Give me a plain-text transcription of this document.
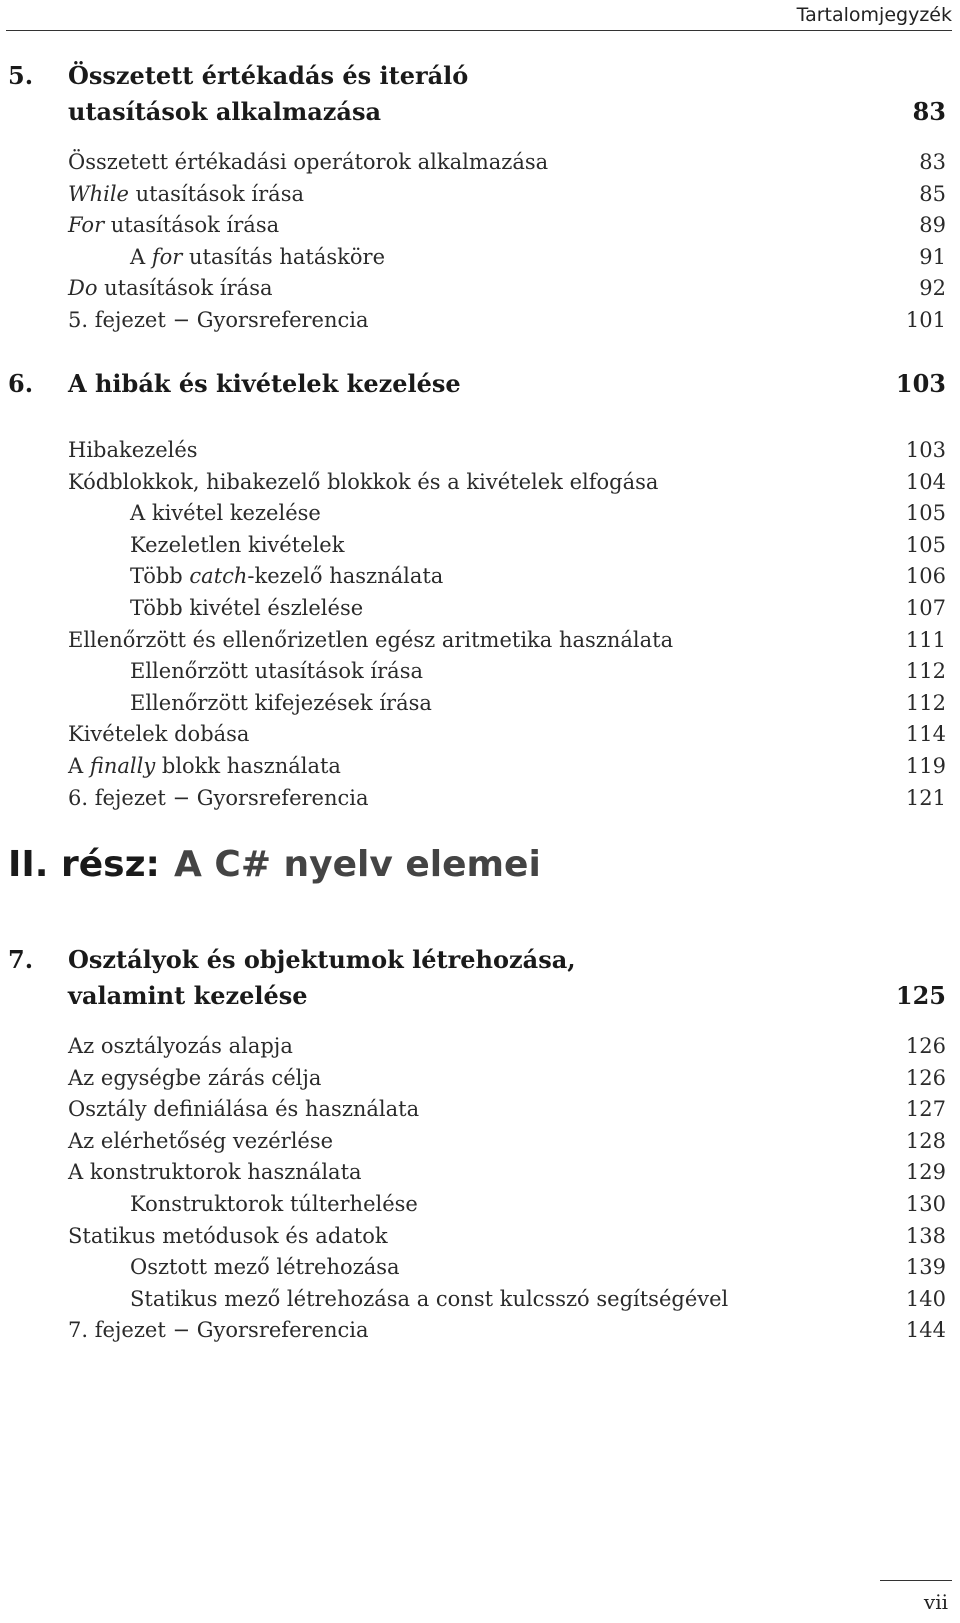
Tartalomjegyzék
5. Összetett értékadás és iteráló
utasítások alkalmazása	83
Összetett értékadási operátorok alkalmazása	83
While utasítások írása	85
For utasítások írása	89
A for utasítás hatásköre	91
Do utasítások írása	92
5. fejezet − Gyorsreferencia	101
6. A hibák és kivételek kezelése	103
Hibakezelés	103
Kódblokkok, hibakezelő blokkok és a kivételek elfogása	104
A kivétel kezelése	105
Kezeletlen kivételek	105
Több catch-kezelő használata	106
Több kivétel észlelése	107
Ellenőrzött és ellenőrizetlen egész aritmetika használata	111
Ellenőrzött utasítások írása	112
Ellenőrzött kifejezések írása	112
Kivételek dobása	114
A finally blokk használata	119
6. fejezet − Gyorsreferencia	121
II. rész: A C# nyelv elemei
7. Osztályok és objektumok létrehozása,
valamint kezelése	125
Az osztályozás alapja	126
Az egységbe zárás célja	126
Osztály definiálása és használata	127
Az elérhetőség vezérlése	128
A konstruktorok használata	129
Konstruktorok túlterhelése	130
Statikus metódusok és adatok	138
Osztott mező létrehozása	139
Statikus mező létrehozása a const kulcsszó segítségével	140
7. fejezet − Gyorsreferencia	144
vii
